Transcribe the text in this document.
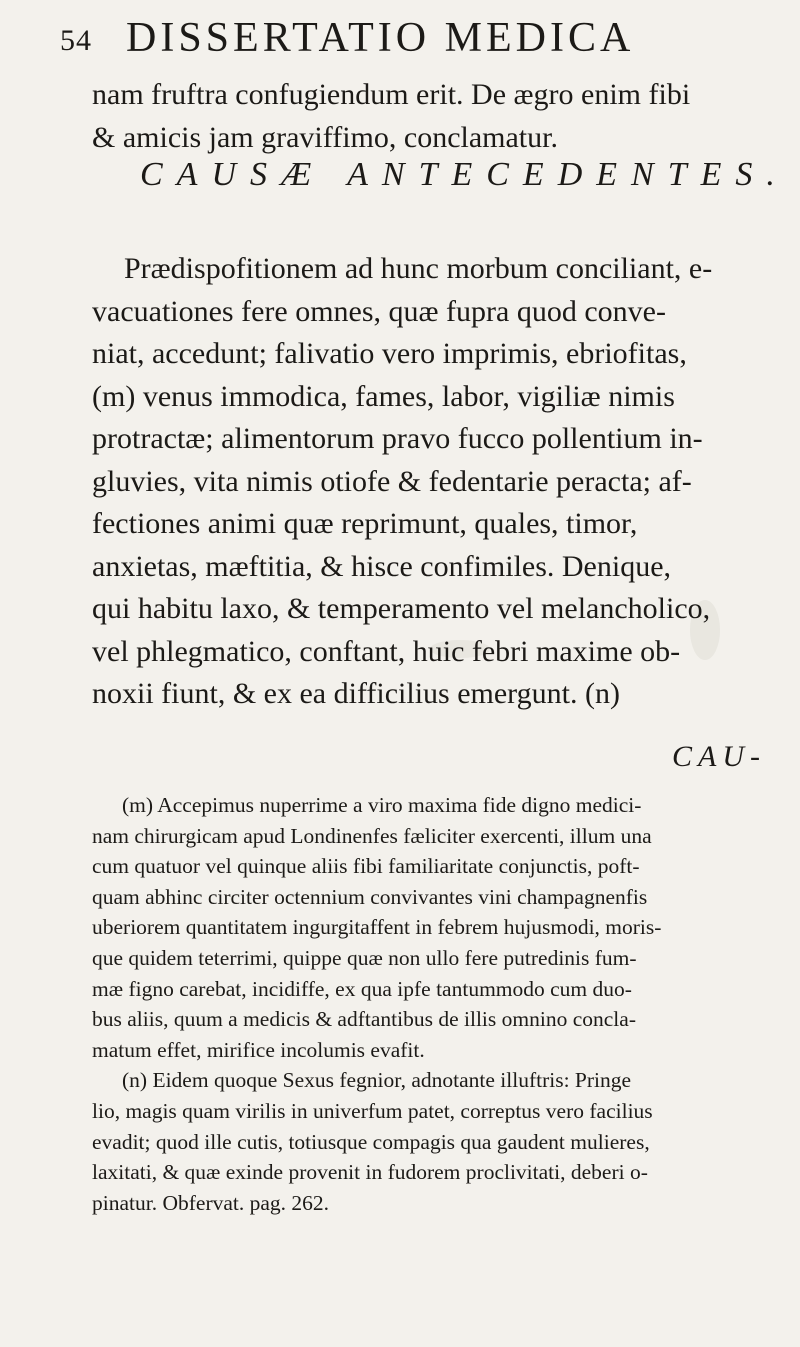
54 DISSERTATIO MEDICA
nam fruftra confugiendum erit. De ægro enim fibi
& amicis jam graviffimo, conclamatur.
CAUSÆ ANTECEDENTES.
Prædispofitionem ad hunc morbum conciliant, e-
vacuationes fere omnes, quæ fupra quod conve-
niat, accedunt; falivatio vero imprimis, ebriofitas,
(m) venus immodica, fames, labor, vigiliæ nimis
protractæ; alimentorum pravo fucco pollentium in-
gluvies, vita nimis otiofe & fedentarie peracta; af-
fectiones animi quæ reprimunt, quales, timor,
anxietas, mæftitia, & hisce confimiles. Denique,
qui habitu laxo, & temperamento vel melancholico,
vel phlegmatico, conftant, huic febri maxime ob-
noxii fiunt, & ex ea difficilius emergunt. (n)
CAU-
(m) Accepimus nuperrime a viro maxima fide digno medici-
nam chirurgicam apud Londinenfes fæliciter exercenti, illum una
cum quatuor vel quinque aliis fibi familiaritate conjunctis, poft-
quam abhinc circiter octennium convivantes vini champagnenfis
uberiorem quantitatem ingurgitaffent in febrem hujusmodi, moris-
que quidem teterrimi, quippe quæ non ullo fere putredinis fum-
mæ figno carebat, incidiffe, ex qua ipfe tantummodo cum duo-
bus aliis, quum a medicis & adftantibus de illis omnino concla-
matum effet, mirifice incolumis evafit.
(n) Eidem quoque Sexus fegnior, adnotante illuftris: Pringe
lio, magis quam virilis in univerfum patet, correptus vero facilius
evadit; quod ille cutis, totiusque compagis qua gaudent mulieres,
laxitati, & quæ exinde provenit in fudorem proclivitati, deberi o-
pinatur. Obfervat. pag. 262.
